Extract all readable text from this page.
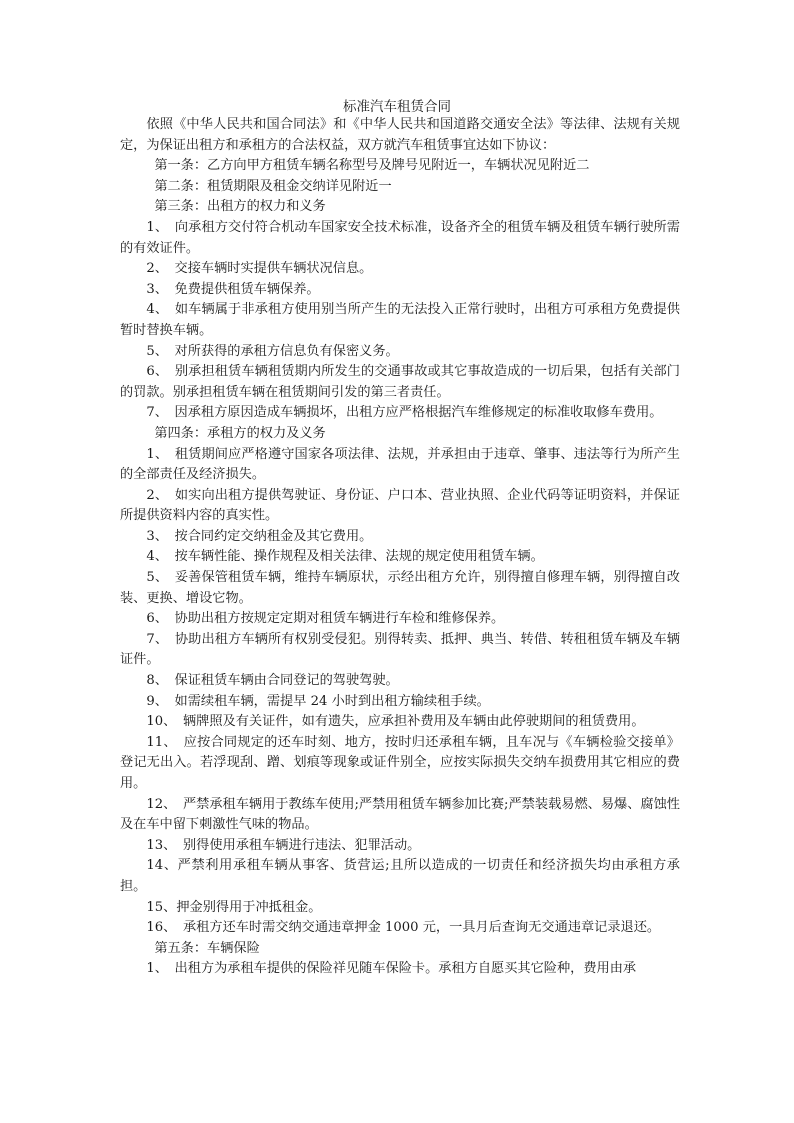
标准汽车租赁合同

依照《中华人民共和国合同法》和《中华人民共和国道路交通安全法》等法律、法规有关规定，为保证出租方和承租方的合法权益，双方就汽车租赁事宜达如下协议：

第一条：乙方向甲方租赁车辆名称型号及牌号见附近一，车辆状况见附近二

第二条：租赁期限及租金交纳详见附近一

第三条：出租方的权力和义务

1、　向承租方交付符合机动车国家安全技术标准，设备齐全的租赁车辆及租赁车辆行驶所需的有效证件。

2、　交接车辆时实提供车辆状况信息。

3、　免费提供租赁车辆保养。

4、　如车辆属于非承租方使用别当所产生的无法投入正常行驶时，出租方可承租方免费提供暂时替换车辆。

5、　对所获得的承租方信息负有保密义务。

6、　别承担租赁车辆租赁期内所发生的交通事故或其它事故造成的一切后果，包括有关部门的罚款。别承担租赁车辆在租赁期间引发的第三者责任。

7、　因承租方原因造成车辆损坏，出租方应严格根据汽车维修规定的标准收取修车费用。

第四条：承租方的权力及义务

1、　租赁期间应严格遵守国家各项法律、法规，并承担由于违章、肇事、违法等行为所产生的全部责任及经济损失。

2、　如实向出租方提供驾驶证、身份证、户口本、营业执照、企业代码等证明资料，并保证所提供资料内容的真实性。

3、　按合同约定交纳租金及其它费用。

4、　按车辆性能、操作规程及相关法律、法规的规定使用租赁车辆。

5、　妥善保管租赁车辆，维持车辆原状，示经出租方允许，别得擅自修理车辆，别得擅自改装、更换、增设它物。

6、　协助出租方按规定定期对租赁车辆进行车检和维修保养。

7、　协助出租方车辆所有权别受侵犯。别得转卖、抵押、典当、转借、转租租赁车辆及车辆证件。

8、　保证租赁车辆由合同登记的驾驶驾驶。

9、　如需续租车辆，需提早 24 小时到出租方输续租手续。

10、　辆牌照及有关证件，如有遗失，应承担补费用及车辆由此停驶期间的租赁费用。

11、　应按合同规定的还车时刻、地方，按时归还承租车辆，且车况与《车辆检验交接单》登记无出入。若浮现刮、蹭、划痕等现象或证件别全，应按实际损失交纳车损费用其它相应的费用。

12、　严禁承租车辆用于教练车使用;严禁用租赁车辆参加比赛;严禁装载易燃、易爆、腐蚀性及在车中留下刺激性气味的物品。

13、　别得使用承租车辆进行违法、犯罪活动。

14、严禁利用承租车辆从事客、货营运;且所以造成的一切责任和经济损失均由承租方承担。

15、押金别得用于冲抵租金。

16、　承租方还车时需交纳交通违章押金 1000 元，一具月后查询无交通违章记录退还。

第五条：车辆保险

1、　出租方为承租车提供的保险祥见随车保险卡。承租方自愿买其它险种，费用由承
